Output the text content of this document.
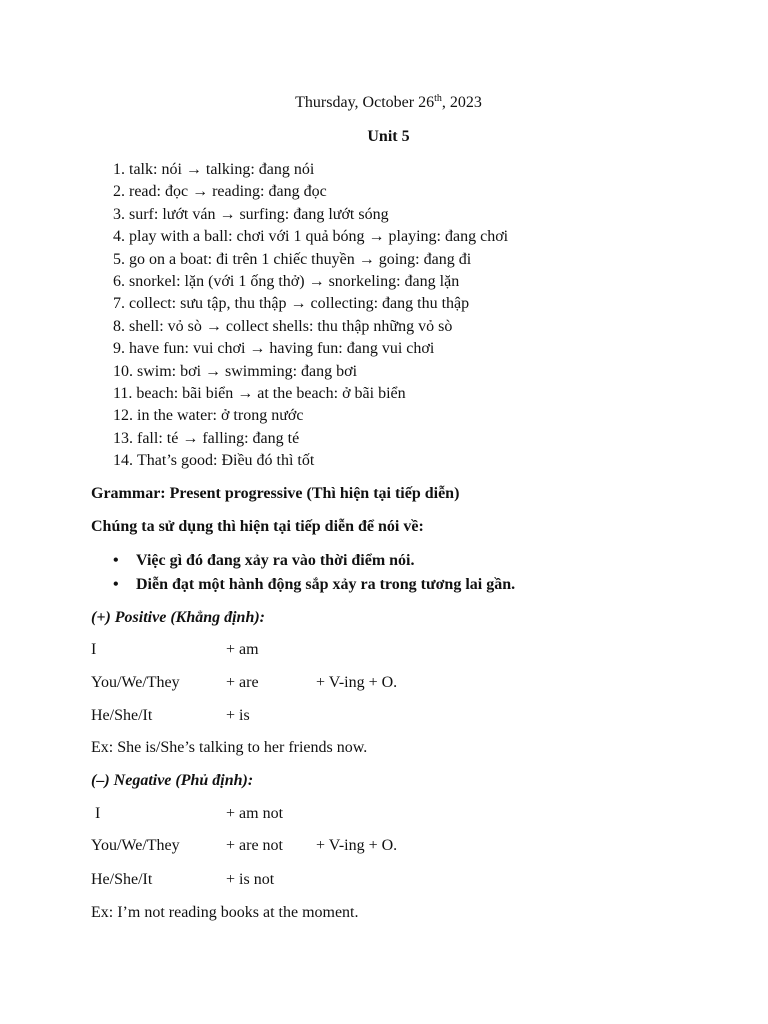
Thursday, October 26th, 2023
Unit 5
1. talk: nói → talking: đang nói
2. read: đọc → reading: đang đọc
3. surf: lướt ván → surfing: đang lướt sóng
4. play with a ball: chơi với 1 quả bóng → playing: đang chơi
5. go on a boat: đi trên 1 chiếc thuyền → going: đang đi
6. snorkel: lặn (với 1 ống thở) → snorkeling: đang lặn
7. collect: sưu tập, thu thập → collecting: đang thu thập
8. shell: vỏ sò → collect shells: thu thập những vỏ sò
9. have fun: vui chơi → having fun: đang vui chơi
10. swim: bơi → swimming: đang bơi
11. beach: bãi biển → at the beach: ở bãi biển
12. in the water: ở trong nước
13. fall: té → falling: đang té
14. That’s good: Điều đó thì tốt
Grammar: Present progressive (Thì hiện tại tiếp diễn)
Chúng ta sử dụng thì hiện tại tiếp diễn để nói về:
• Việc gì đó đang xảy ra vào thời điểm nói.
• Diễn đạt một hành động sắp xảy ra trong tương lai gần.
(+) Positive (Khẳng định):
I	+ am
You/We/They	+ are	+ V-ing + O.
He/She/It	+ is
Ex: She is/She’s talking to her friends now.
(–) Negative (Phủ định):
I	+ am not
You/We/They	+ are not + V-ing + O.
He/She/It	+ is not
Ex: I’m not reading books at the moment.
